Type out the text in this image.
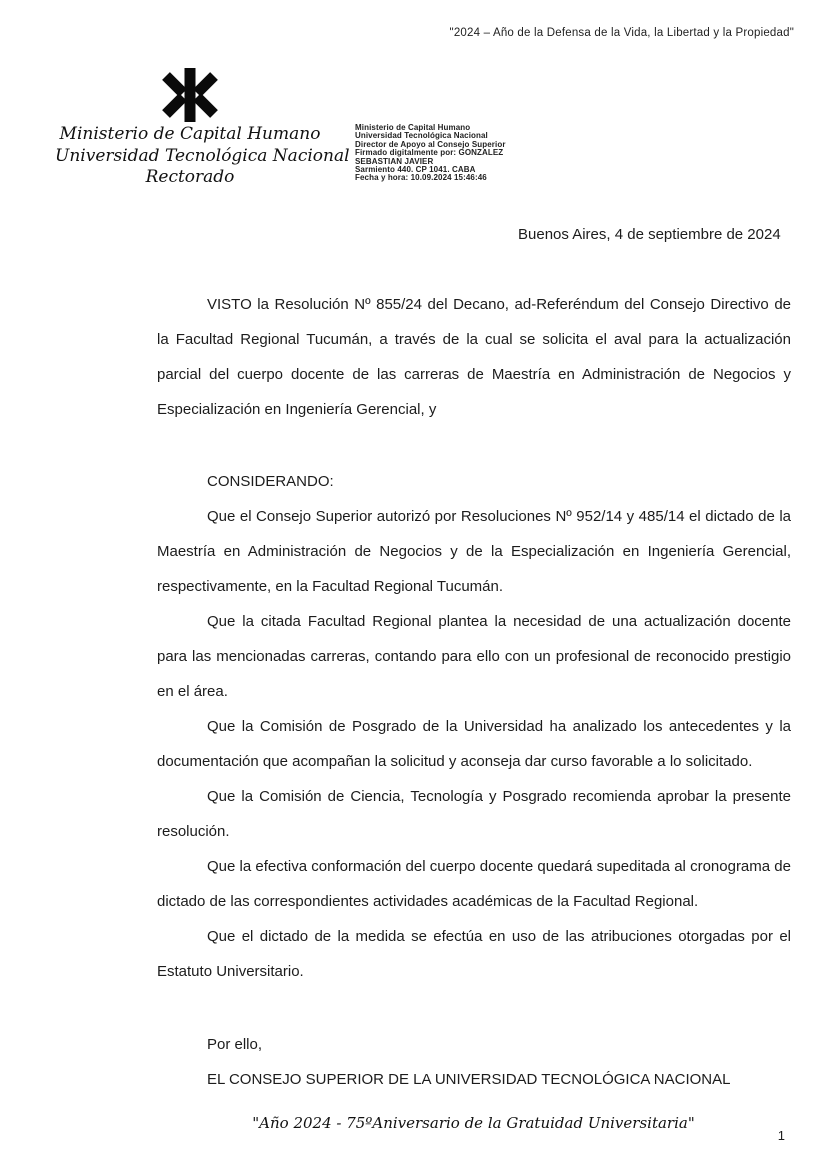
"2024 – Año de la Defensa de la Vida, la Libertad y la Propiedad"
Ministerio de Capital Humano
Universidad Tecnológica Nacional
Rectorado
Ministerio de Capital Humano
Universidad Tecnológica Nacional
Director de Apoyo al Consejo Superior
Firmado digitalmente por: GONZALEZ
SEBASTIAN JAVIER
Sarmiento 440. CP 1041. CABA
Fecha y hora: 10.09.2024 15:46:46
Buenos Aires, 4 de septiembre de 2024

VISTO la Resolución Nº 855/24 del Decano, ad-Referéndum del Consejo Directivo de la Facultad Regional Tucumán, a través de la cual se solicita el aval para la actualización parcial del cuerpo docente de las carreras de Maestría en Administración de Negocios y Especialización en Ingeniería Gerencial, y

CONSIDERANDO:

Que el Consejo Superior autorizó por Resoluciones Nº 952/14 y 485/14 el dictado de la Maestría en Administración de Negocios y de la Especialización en Ingeniería Gerencial, respectivamente, en la Facultad Regional Tucumán.

Que la citada Facultad Regional plantea la necesidad de una actualización docente para las mencionadas carreras, contando para ello con un profesional de reconocido prestigio en el área.

Que la Comisión de Posgrado de la Universidad ha analizado los antecedentes y la documentación que acompañan la solicitud y aconseja dar curso favorable a lo solicitado.

Que la Comisión de Ciencia, Tecnología y Posgrado recomienda aprobar la presente resolución.

Que la efectiva conformación del cuerpo docente quedará supeditada al cronograma de dictado de las correspondientes actividades académicas de la Facultad Regional.

Que el dictado de la medida se efectúa en uso de las atribuciones otorgadas por el Estatuto Universitario.

Por ello,

EL CONSEJO SUPERIOR DE LA UNIVERSIDAD TECNOLÓGICA NACIONAL

"Año 2024 - 75ºAniversario de la Gratuidad Universitaria"
1
